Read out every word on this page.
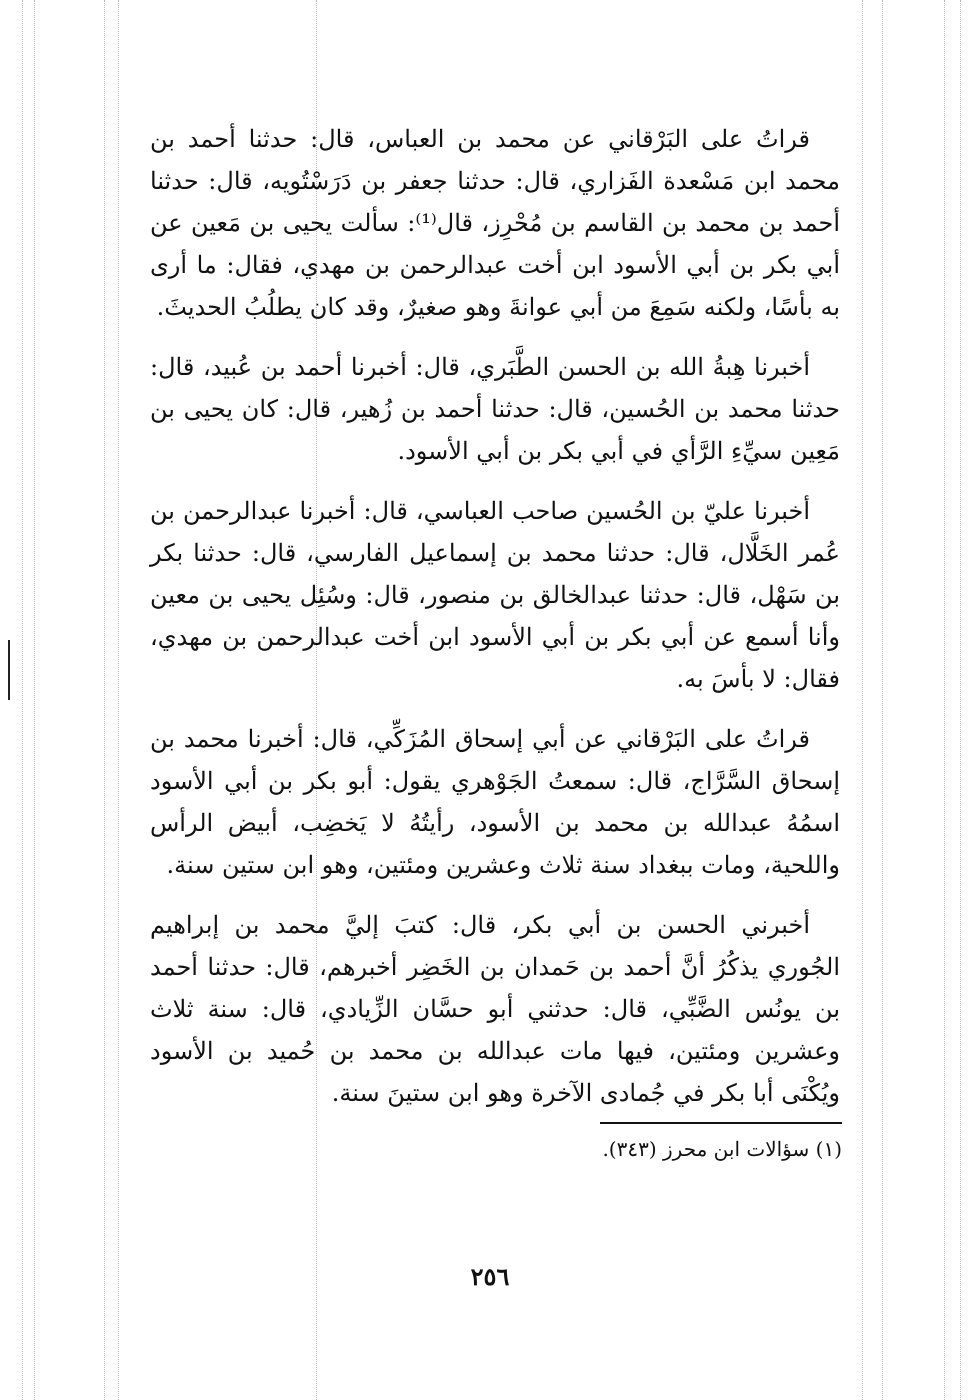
قراتُ على البَرْقاني عن محمد بن العباس، قال: حدثنا أحمد بن محمد ابن مَسْعدة الفَزاري، قال: حدثنا جعفر بن دَرَسْتُويه، قال: حدثنا أحمد بن محمد بن القاسم بن مُحْرِز، قال⁽¹⁾: سألت يحيى بن مَعين عن أبي بكر بن أبي الأسود ابن أخت عبدالرحمن بن مهدي، فقال: ما أرى به بأسًا، ولكنه سَمِعَ من أبي عوانةَ وهو صغيرٌ، وقد كان يطلُبُ الحديثَ.

أخبرنا هِبةُ الله بن الحسن الطَّبَري، قال: أخبرنا أحمد بن عُبيد، قال: حدثنا محمد بن الحُسين، قال: حدثنا أحمد بن زُهير، قال: كان يحيى بن مَعِين سيِّءِ الرَّأي في أبي بكر بن أبي الأسود.

أخبرنا عليّ بن الحُسين صاحب العباسي، قال: أخبرنا عبدالرحمن بن عُمر الخَلَّال، قال: حدثنا محمد بن إسماعيل الفارسي، قال: حدثنا بكر بن سَهْل، قال: حدثنا عبدالخالق بن منصور، قال: وسُئِل يحيى بن معين وأنا أسمع عن أبي بكر بن أبي الأسود ابن أخت عبدالرحمن بن مهدي، فقال: لا بأسَ به.

قراتُ على البَرْقاني عن أبي إسحاق المُزَكِّي، قال: أخبرنا محمد بن إسحاق السَّرَّاج، قال: سمعتُ الجَوْهري يقول: أبو بكر بن أبي الأسود اسمُهُ عبدالله بن محمد بن الأسود، رأيتُهُ لا يَخضِب، أبيض الرأس واللحية، ومات ببغداد سنة ثلاث وعشرين ومئتين، وهو ابن ستين سنة.

أخبرني الحسن بن أبي بكر، قال: كتبَ إليَّ محمد بن إبراهيم الجُوري يذكُرُ أنَّ أحمد بن حَمدان بن الخَضِر أخبرهم، قال: حدثنا أحمد بن يونُس الضَّبِّي، قال: حدثني أبو حسَّان الزِّيادي، قال: سنة ثلاث وعشرين ومئتين، فيها مات عبدالله بن محمد بن حُميد بن الأسود ويُكْنَى أبا بكر في جُمادى الآخرة وهو ابن ستينَ سنة.

(١) سؤالات ابن محرز (٣٤٣).
٢٥٦
